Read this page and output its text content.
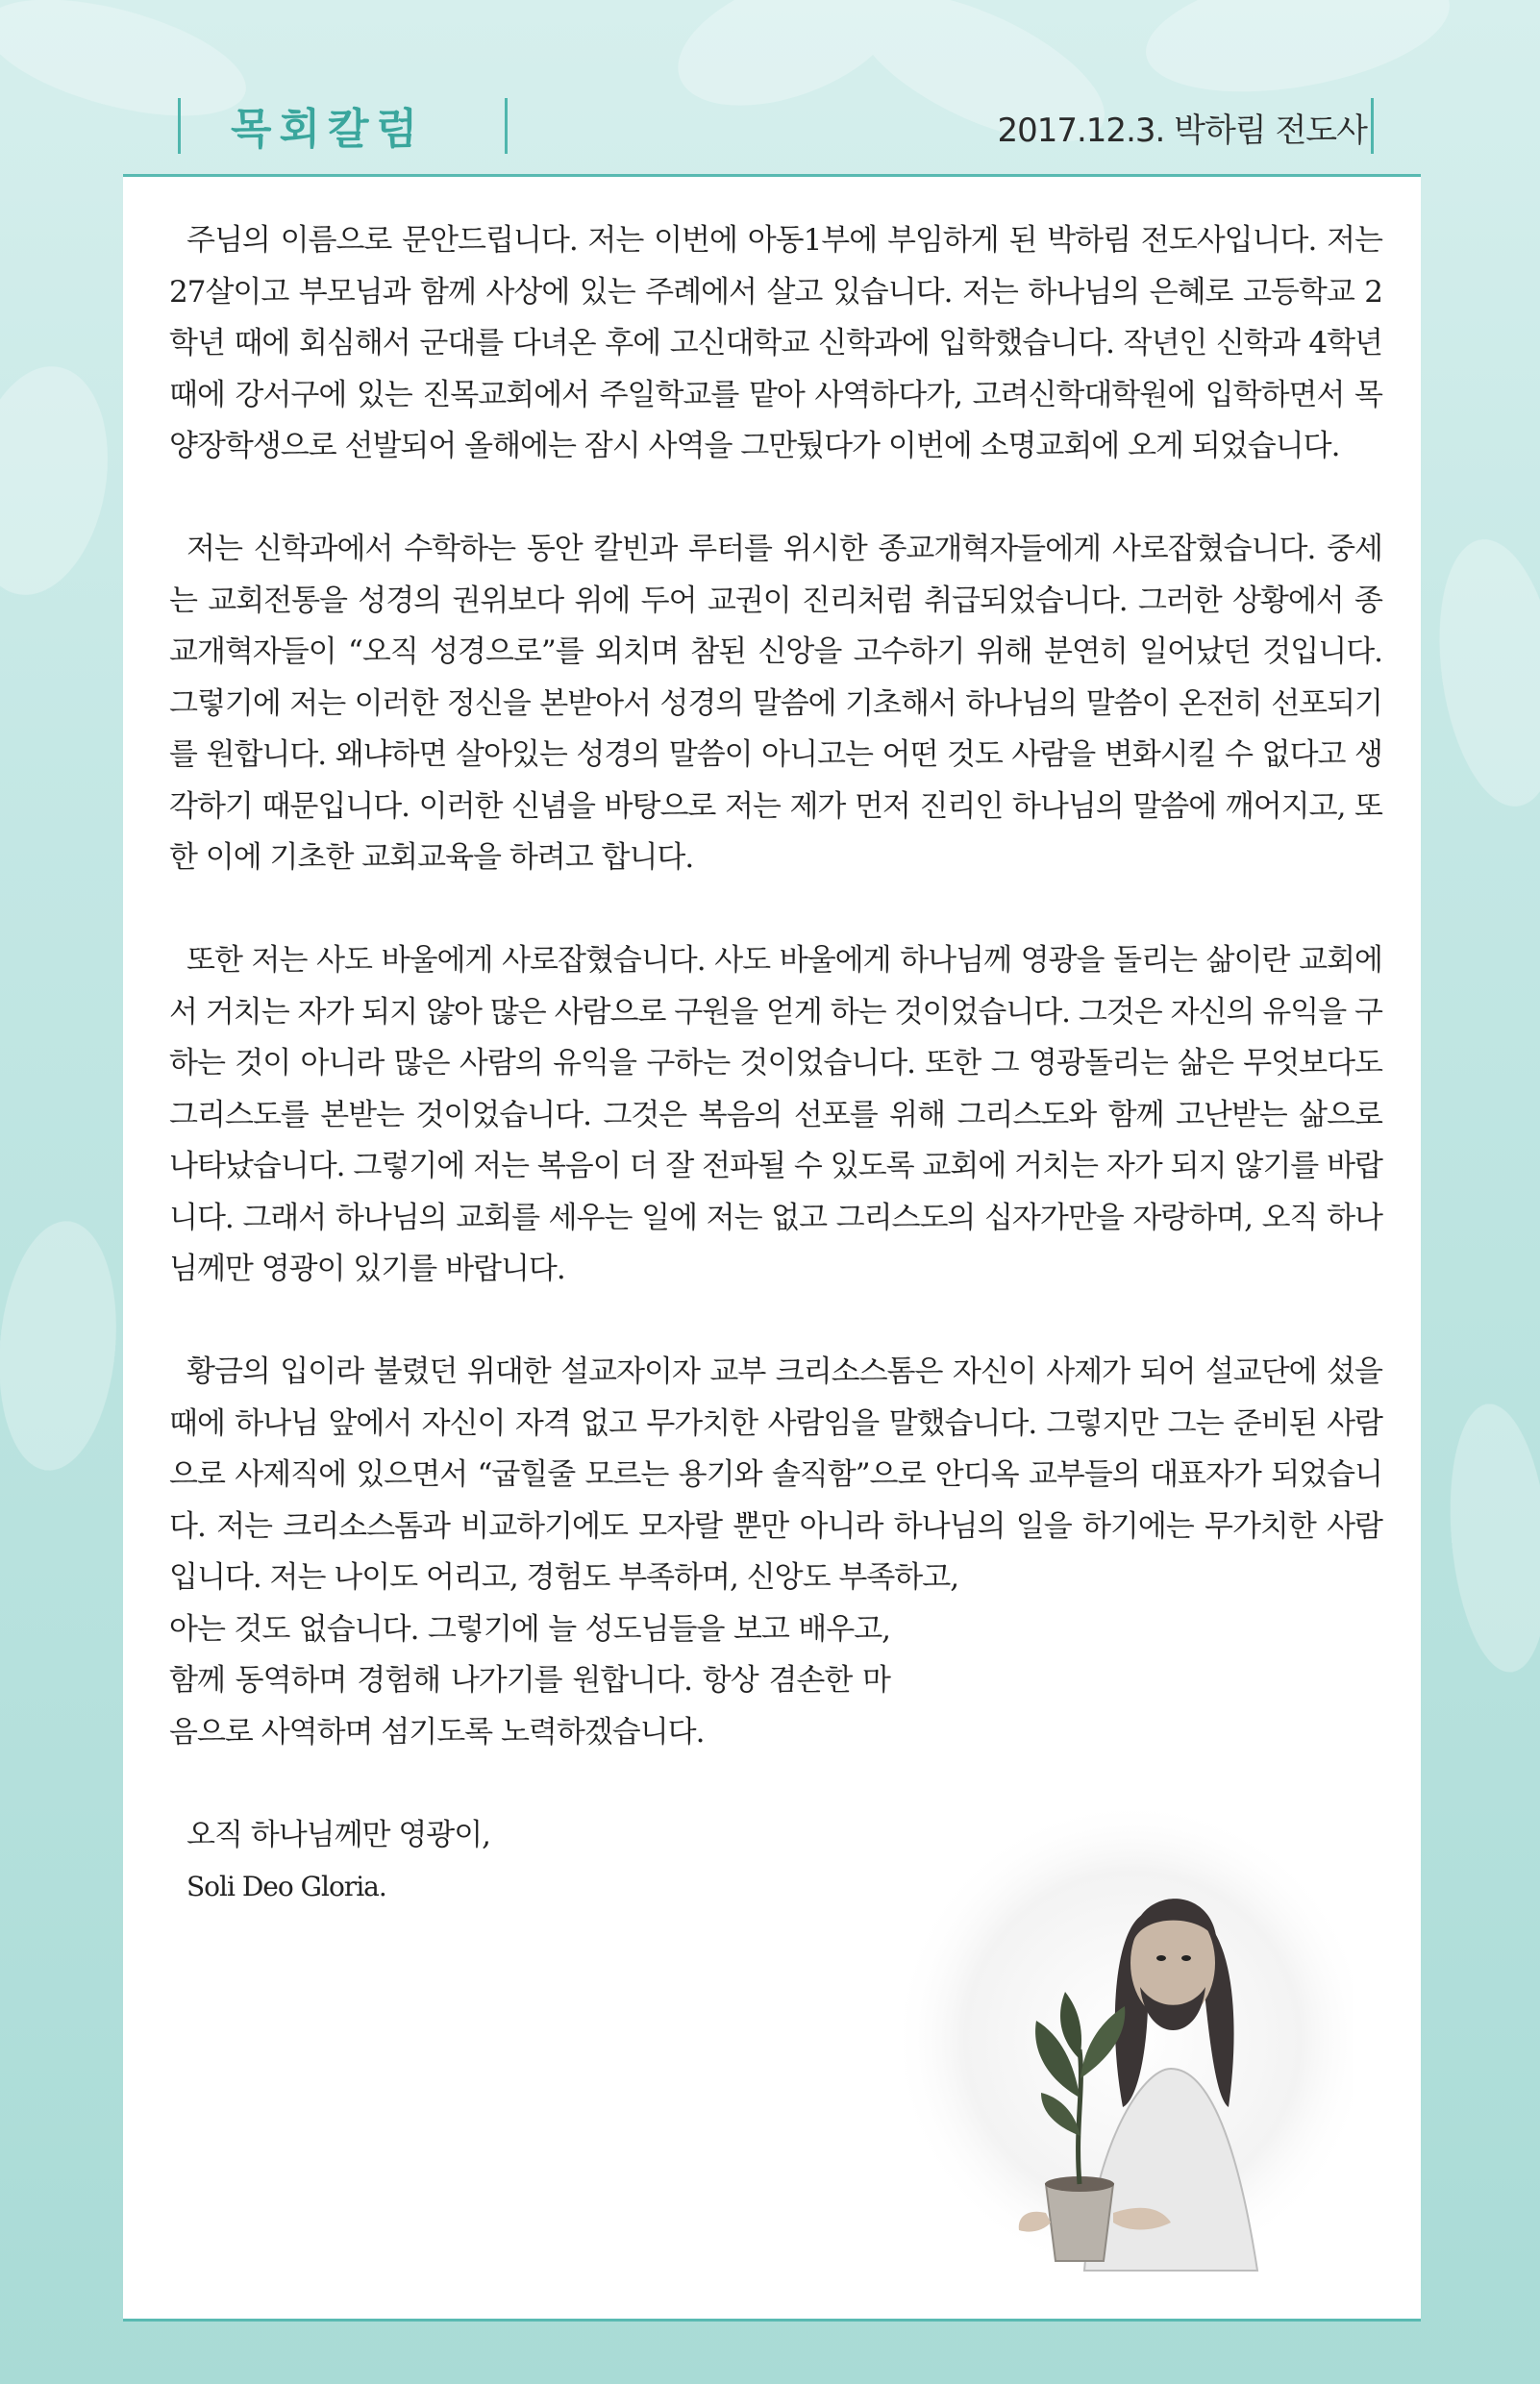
목회칼럼	2017.12.3. 박하림 전도사

주님의 이름으로 문안드립니다. 저는 이번에 아동1부에 부임하게 된 박하림 전도사입니다. 저는 27살이고 부모님과 함께 사상에 있는 주례에서 살고 있습니다. 저는 하나님의 은혜로 고등학교 2학년 때에 회심해서 군대를 다녀온 후에 고신대학교 신학과에 입학했습니다. 작년인 신학과 4학년 때에 강서구에 있는 진목교회에서 주일학교를 맡아 사역하다가, 고려신학대학원에 입학하면서 목양장학생으로 선발되어 올해에는 잠시 사역을 그만뒀다가 이번에 소명교회에 오게 되었습니다.

저는 신학과에서 수학하는 동안 칼빈과 루터를 위시한 종교개혁자들에게 사로잡혔습니다. 중세는 교회전통을 성경의 권위보다 위에 두어 교권이 진리처럼 취급되었습니다. 그러한 상황에서 종교개혁자들이 “오직 성경으로”를 외치며 참된 신앙을 고수하기 위해 분연히 일어났던 것입니다. 그렇기에 저는 이러한 정신을 본받아서 성경의 말씀에 기초해서 하나님의 말씀이 온전히 선포되기를 원합니다. 왜냐하면 살아있는 성경의 말씀이 아니고는 어떤 것도 사람을 변화시킬 수 없다고 생각하기 때문입니다. 이러한 신념을 바탕으로 저는 제가 먼저 진리인 하나님의 말씀에 깨어지고, 또한 이에 기초한 교회교육을 하려고 합니다.

또한 저는 사도 바울에게 사로잡혔습니다. 사도 바울에게 하나님께 영광을 돌리는 삶이란 교회에서 거치는 자가 되지 않아 많은 사람으로 구원을 얻게 하는 것이었습니다. 그것은 자신의 유익을 구하는 것이 아니라 많은 사람의 유익을 구하는 것이었습니다. 또한 그 영광돌리는 삶은 무엇보다도 그리스도를 본받는 것이었습니다. 그것은 복음의 선포를 위해 그리스도와 함께 고난받는 삶으로 나타났습니다. 그렇기에 저는 복음이 더 잘 전파될 수 있도록 교회에 거치는 자가 되지 않기를 바랍니다. 그래서 하나님의 교회를 세우는 일에 저는 없고 그리스도의 십자가만을 자랑하며, 오직 하나님께만 영광이 있기를 바랍니다.

황금의 입이라 불렸던 위대한 설교자이자 교부 크리소스톰은 자신이 사제가 되어 설교단에 섰을 때에 하나님 앞에서 자신이 자격 없고 무가치한 사람임을 말했습니다. 그렇지만 그는 준비된 사람으로 사제직에 있으면서 “굽힐줄 모르는 용기와 솔직함”으로 안디옥 교부들의 대표자가 되었습니다. 저는 크리소스톰과 비교하기에도 모자랄 뿐만 아니라 하나님의 일을 하기에는 무가치한 사람입니다. 저는 나이도 어리고, 경험도 부족하며, 신앙도 부족하고,

아는 것도 없습니다. 그렇기에 늘 성도님들을 보고 배우고, 함께 동역하며 경험해 나가기를 원합니다. 항상 겸손한 마음으로 사역하며 섬기도록 노력하겠습니다.

오직 하나님께만 영광이,
Soli Deo Gloria.
